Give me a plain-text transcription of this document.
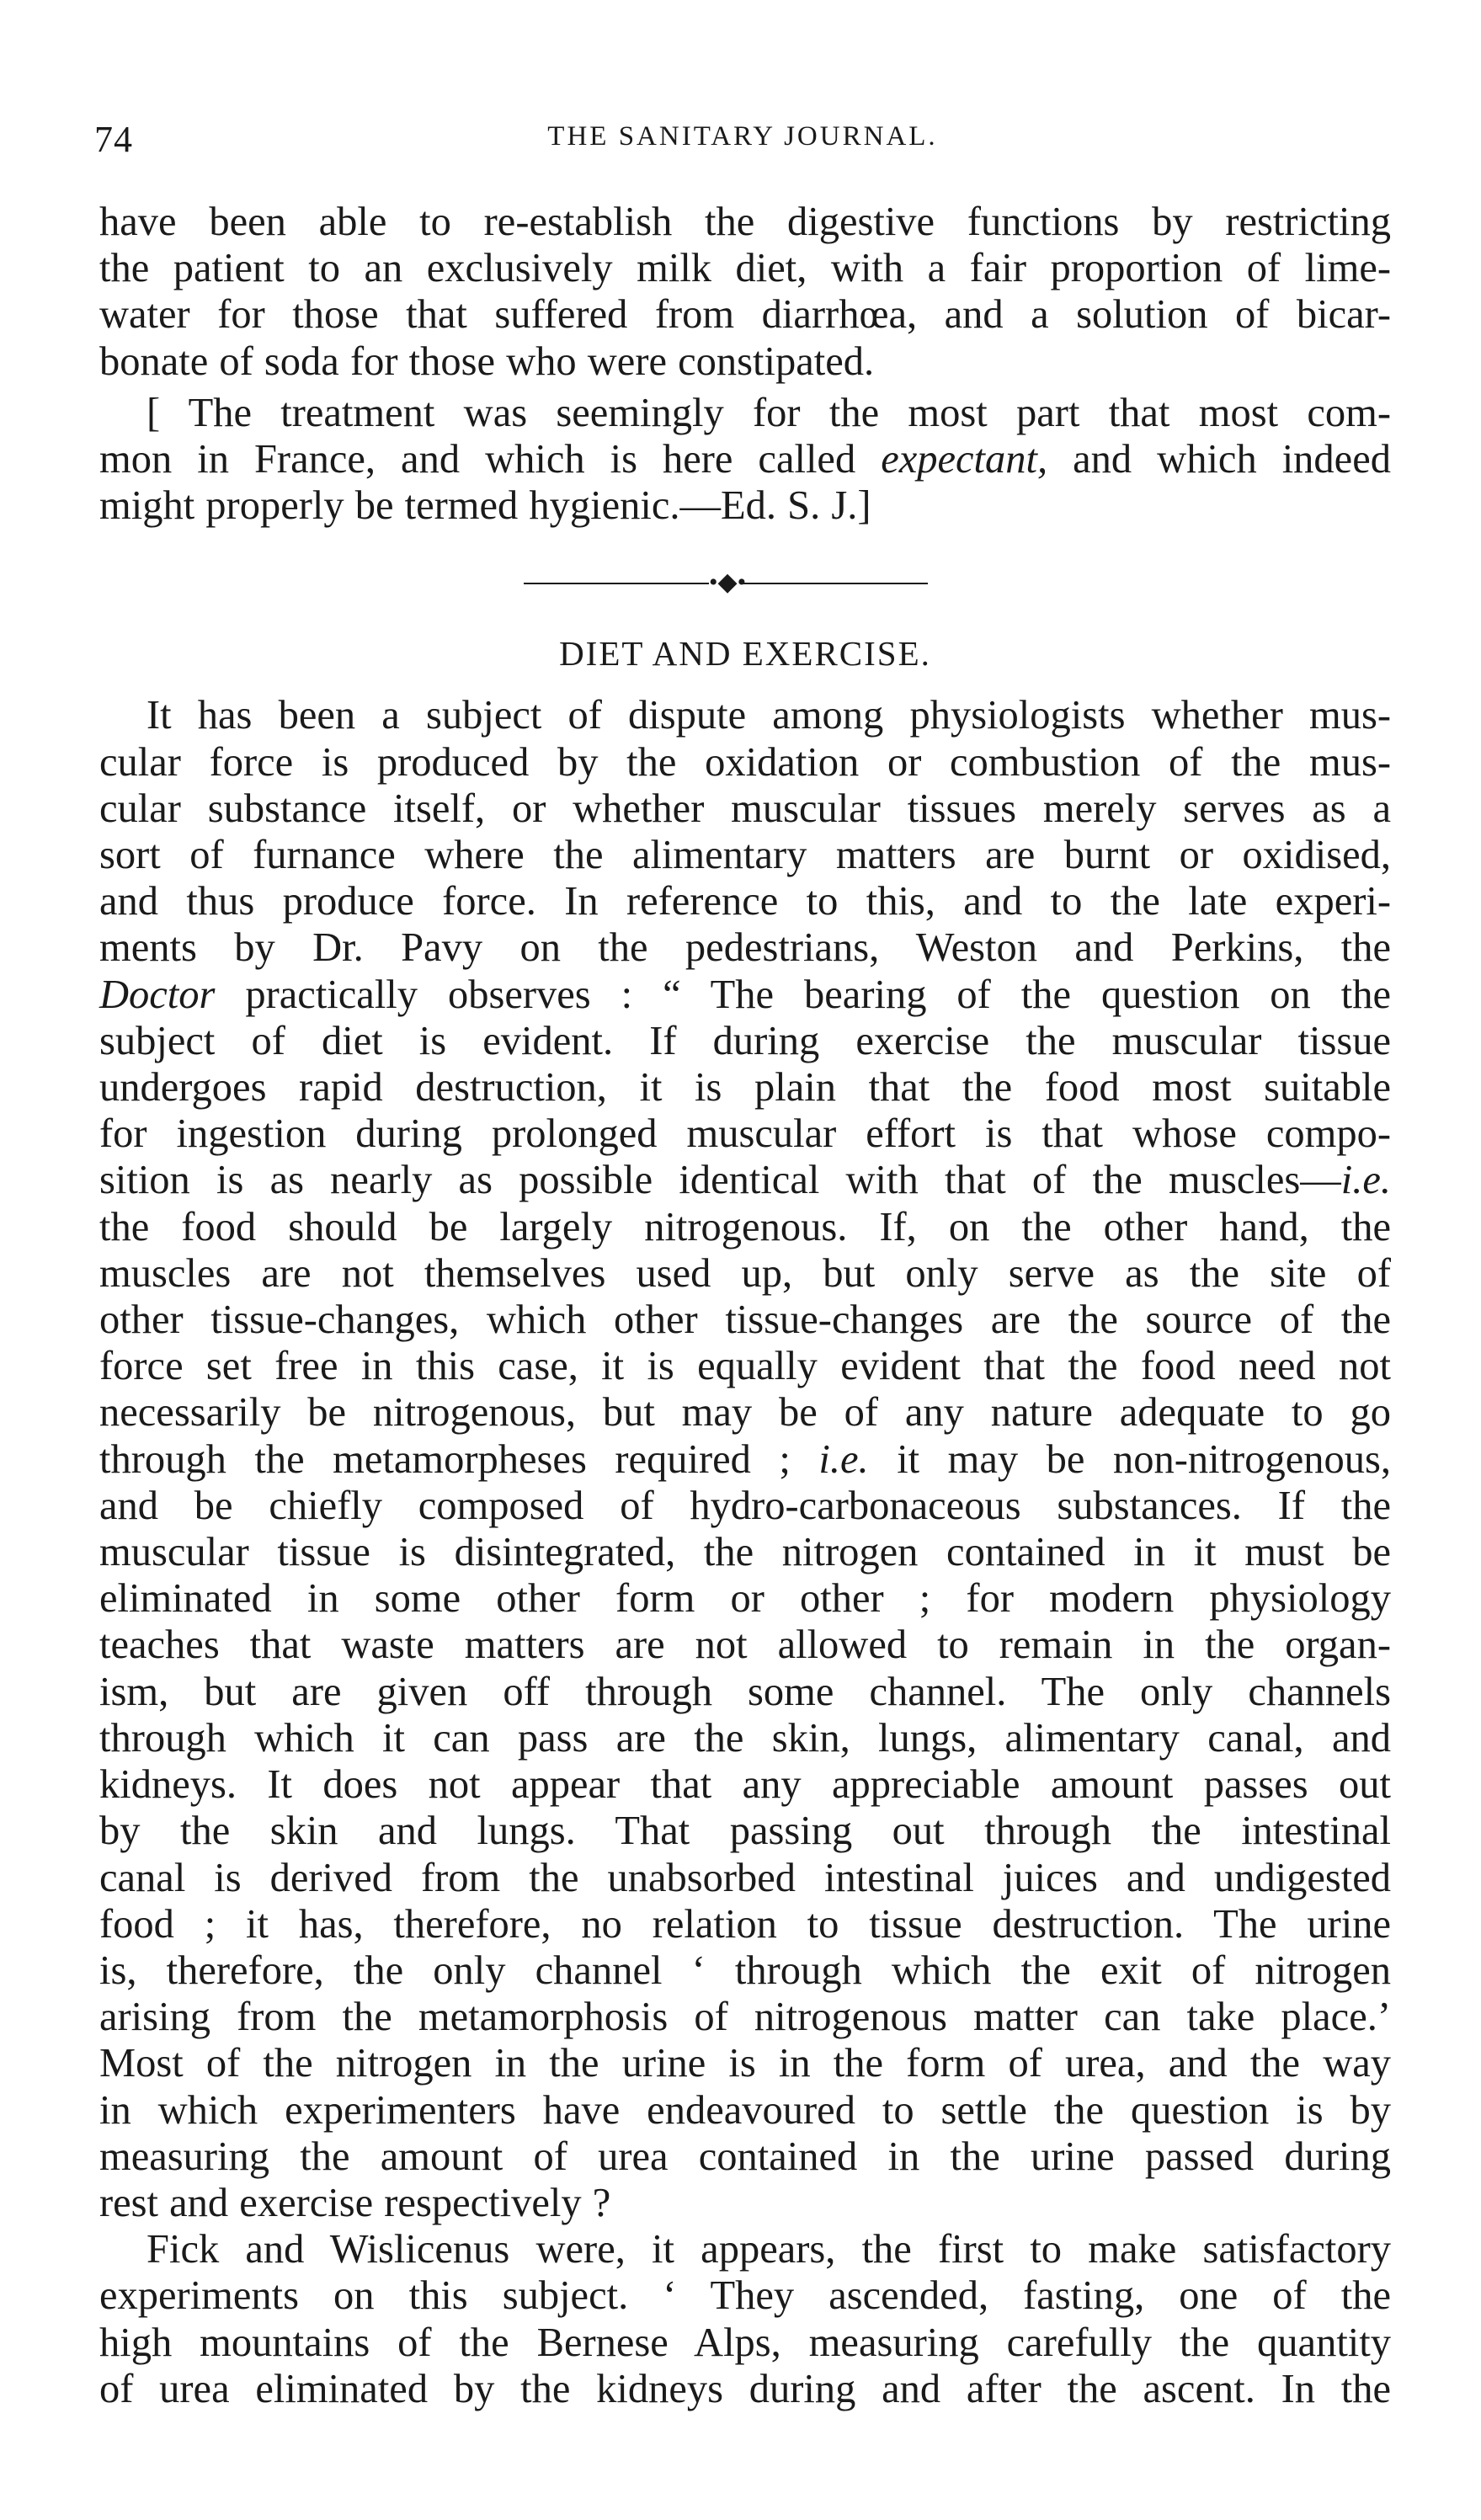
74	THE SANITARY JOURNAL.
have been able to re-establish the digestive functions by restricting
the patient to an exclusively milk diet, with a fair proportion of lime-
water for those that suffered from diarrhœa, and a solution of bicar-
bonate of soda for those who were constipated.
[ The treatment was seemingly for the most part that most com-
mon in France, and which is here called expectant, and which indeed
might properly be termed hygienic.—Ed. S. J.]
•◆•
DIET AND EXERCISE.
It has been a subject of dispute among physiologists whether mus-
cular force is produced by the oxidation or combustion of the mus-
cular substance itself, or whether muscular tissues merely serves as a
sort of furnance where the alimentary matters are burnt or oxidised,
and thus produce force. In reference to this, and to the late experi-
ments by Dr. Pavy on the pedestrians, Weston and Perkins, the
Doctor practically observes : “ The bearing of the question on the
subject of diet is evident. If during exercise the muscular tissue
undergoes rapid destruction, it is plain that the food most suitable
for ingestion during prolonged muscular effort is that whose compo-
sition is as nearly as possible identical with that of the muscles—i.e.
the food should be largely nitrogenous. If, on the other hand, the
muscles are not themselves used up, but only serve as the site of
other tissue-changes, which other tissue-changes are the source of the
force set free in this case, it is equally evident that the food need not
necessarily be nitrogenous, but may be of any nature adequate to go
through the metamorpheses required ; i.e. it may be non-nitrogenous,
and be chiefly composed of hydro-carbonaceous substances. If the
muscular tissue is disintegrated, the nitrogen contained in it must be
eliminated in some other form or other ; for modern physiology
teaches that waste matters are not allowed to remain in the organ-
ism, but are given off through some channel. The only channels
through which it can pass are the skin, lungs, alimentary canal, and
kidneys. It does not appear that any appreciable amount passes out
by the skin and lungs. That passing out through the intestinal
canal is derived from the unabsorbed intestinal juices and undigested
food ; it has, therefore, no relation to tissue destruction. The urine
is, therefore, the only channel ‘ through which the exit of nitrogen
arising from the metamorphosis of nitrogenous matter can take place.’
Most of the nitrogen in the urine is in the form of urea, and the way
in which experimenters have endeavoured to settle the question is by
measuring the amount of urea contained in the urine passed during
rest and exercise respectively ?
Fick and Wislicenus were, it appears, the first to make satisfactory
experiments on this subject. ‘ They ascended, fasting, one of the
high mountains of the Bernese Alps, measuring carefully the quantity
of urea eliminated by the kidneys during and after the ascent. In the
